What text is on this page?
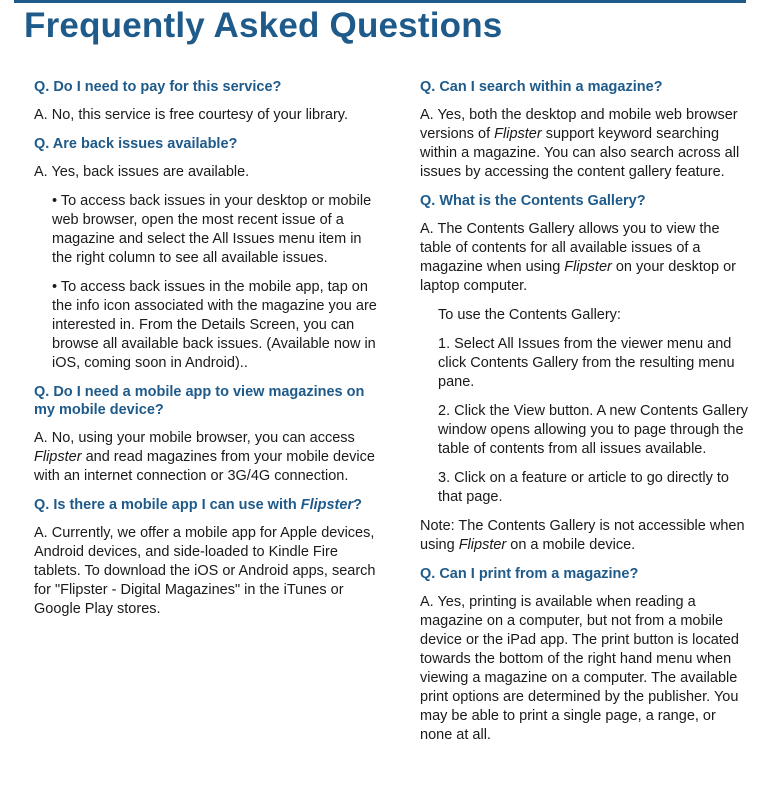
Frequently Asked Questions

Q. Do I need to pay for this service?

A. No, this service is free courtesy of your library.

Q. Are back issues available?

A. Yes, back issues are available.

• To access back issues in your desktop or mobile web browser, open the most recent issue of a magazine and select the All Issues menu item in the right column to see all available issues.

• To access back issues in the mobile app, tap on the info icon associated with the magazine you are interested in. From the Details Screen, you can browse all available back issues. (Available now in iOS, coming soon in Android)..

Q. Do I need a mobile app to view magazines on my mobile device?

A. No, using your mobile browser, you can access Flipster and read magazines from your mobile device with an internet connection or 3G/4G connection.

Q. Is there a mobile app I can use with Flipster?

A. Currently, we offer a mobile app for Apple devices, Android devices, and side-loaded to Kindle Fire tablets. To download the iOS or Android apps, search for "Flipster - Digital Magazines" in the iTunes or Google Play stores.

Q. Can I search within a magazine?

A. Yes, both the desktop and mobile web browser versions of Flipster support keyword searching within a magazine. You can also search across all issues by accessing the content gallery feature.

Q. What is the Contents Gallery?

A. The Contents Gallery allows you to view the table of contents for all available issues of a magazine when using Flipster on your desktop or laptop computer.

To use the Contents Gallery:

1. Select All Issues from the viewer menu and click Contents Gallery from the resulting menu pane.

2. Click the View button. A new Contents Gallery window opens allowing you to page through the table of contents from all issues available.

3. Click on a feature or article to go directly to that page.

Note: The Contents Gallery is not accessible when using Flipster on a mobile device.

Q. Can I print from a magazine?

A. Yes, printing is available when reading a magazine on a computer, but not from a mobile device or the iPad app. The print button is located towards the bottom of the right hand menu when viewing a magazine on a computer. The available print options are determined by the publisher. You may be able to print a single page, a range, or none at all.
